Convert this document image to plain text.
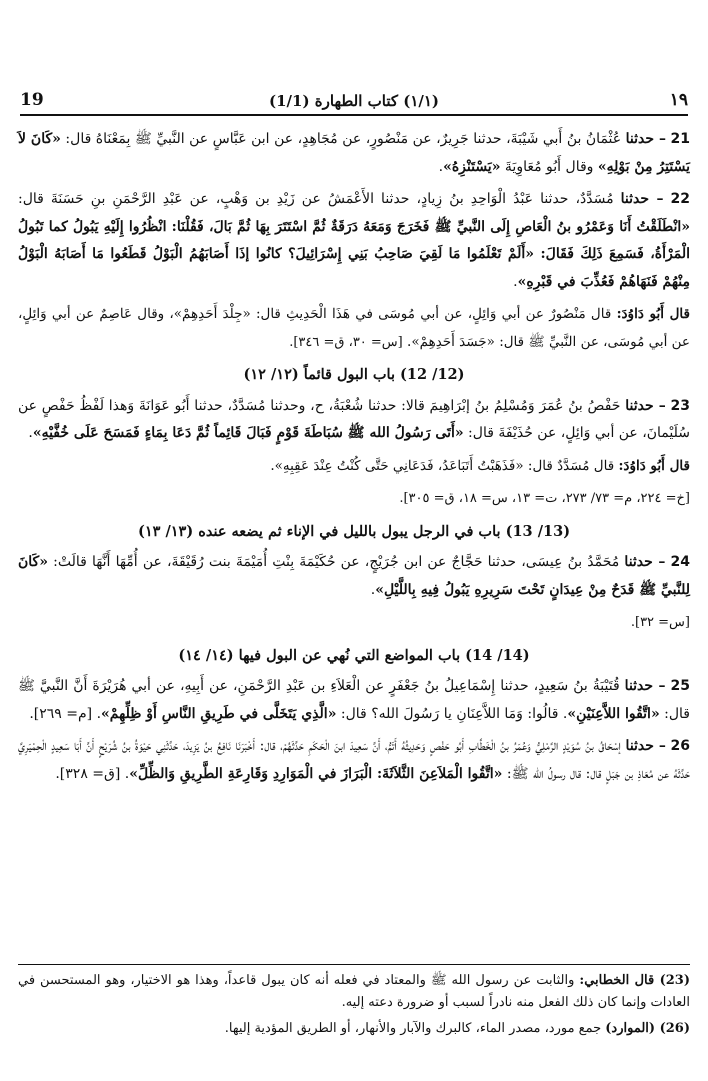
19	(١/١) كتاب الطهارة (1/1)	١٩

21 – حدثنا عُثْمَانُ بنُ أَبي شَيْبَةَ، حدثنا جَرِيرٌ، عن مَنْصُورٍ، عن مُجَاهِدٍ، عن ابن عَبَّاسٍ عن النَّبيِّ ﷺ بِمَعْنَاهُ قال: «كَانَ لاَ يَسْتَتِرُ مِنْ بَوْلِهِ» وقال أَبُو مُعَاوِيَةَ «يَسْتَنْزِهُ».

22 – حدثنا مُسَدَّدٌ، حدثنا عَبْدُ الْوَاحِدِ بنُ زِيادٍ، حدثنا الأَعْمَشُ عن زَيْدِ بن وَهْبٍ، عن عَبْدِ الرَّحْمَنِ بنِ حَسَنَةَ قال: «انْطَلَقْتُ أَنَا وَعَمْرُو بنُ الْعَاصِ إِلَى النَّبيِّ ﷺ فَخَرَجَ وَمَعَهُ دَرَقَةٌ ثُمَّ اسْتَتَرَ بِهَا ثُمَّ بَالَ، فَقُلْنَا: انْظُرُوا إِلَيْهِ يَبُولُ كما تَبُولُ الْمَرْأَةُ، فَسَمِعَ ذَلِكَ فَقَالَ: «أَلَمْ تَعْلَمُوا مَا لَقِيَ صَاحِبُ بَنِي إِسْرَائِيلَ؟ كانُوا إذَا أَصَابَهُمُ الْبَوْلُ قَطَعُوا مَا أَصَابَهُ الْبَوْلُ مِنْهُمْ فَنَهَاهُمْ فَعُذِّبَ في قَبْرِهِ».

قال أَبُو دَاوُدَ: قال مَنْصُورٌ عن أبي وَائِلٍ، عن أبي مُوسَى في هَذَا الْحَدِيثِ قال: «جِلْدَ أَحَدِهِمْ»، وقال عَاصِمٌ عن أبي وَائِلٍ، عن أبي مُوسَى، عن النَّبيِّ ﷺ قال: «جَسَدَ أَحَدِهِمْ». [س= ٣٠، ق= ٣٤٦].

(12/ 12) باب البول قائماً (١٢/ ١٢)

23 – حدثنا حَفْصُ بنُ عُمَرَ وَمُسْلِمُ بنُ إبْرَاهِيمَ قالا: حدثنا شُعْبَةُ، ح، وحدثنا مُسَدَّدٌ، حدثنا أَبُو عَوَانَةَ وَهذا لَفْظُ حَفْصٍ عن سُلَيْمانَ، عن أبي وَائِلٍ، عن حُذَيْفَةَ قال: «أَتَى رَسُولُ الله ﷺ سُبَاطَةَ قَوْمٍ فَبَالَ قَائِماً ثُمَّ دَعَا بِمَاءٍ فَمَسَحَ عَلَى خُفَّيْهِ».

قال أَبُو دَاوُدَ: قال مُسَدَّدٌ قال: «فَذَهَبْتُ أَتَبَاعَدُ، فَدَعَانِي حَتَّى كُنْتُ عِنْدَ عَقِبِهِ».

[خ= ٢٢٤، م= ٧٣/ ٢٧٣، ت= ١٣، س= ١٨، ق= ٣٠٥].

(13/ 13) باب في الرجل يبول بالليل في الإناء ثم يضعه عنده (١٣/ ١٣)

24 – حدثنا مُحَمَّدُ بنُ عِيسَى، حدثنا حَجَّاجٌ عن ابن جُرَيْجٍ، عن حُكَيْمَةَ بِنْتِ أُمَيْمَةَ بنت رُقَيْقَةَ، عن أُمِّهَا أَنَّهَا قالَتْ: «كَانَ لِلنَّبيِّ ﷺ قَدَحٌ مِنْ عِيدَانٍ تَحْتَ سَرِيرِهِ يَبُولُ فِيهِ بِاللَّيْلِ».

[س= ٣٢].

(14/ 14) باب المواضع التي نُهي عن البول فيها (١٤/ ١٤)

25 – حدثنا قُتَيْبَةُ بنُ سَعِيدٍ، حدثنا إِسْمَاعِيلُ بنُ جَعْفَرٍ عن الْعَلاَءِ بن عَبْدِ الرَّحْمَنِ، عن أَبِيهِ، عن أبي هُرَيْرَةَ أَنَّ النَّبيَّ ﷺ قال: «اتَّقُوا اللاَّعِنَيْنِ». قالُوا: وَمَا اللاَّعِنَانِ يا رَسُولَ الله؟ قال: «الَّذِي يَتَخَلَّى في طَرِيقِ النَّاسِ أَوْ ظِلِّهِمْ». [م= ٢٦٩].

26 – حدثنا إسْحَاقُ بنُ سُوَيْدٍ الرَّمْلِيُّ وَعُمَرُ بنُ الْخَطَّابِ أَبُو حَفْصٍ وَحَدِيثُهُ أَتَمُّ، أَنَّ سَعِيدَ ابنَ الْحَكَمِ حَدَّثَهُمْ، قال: أَخْبَرَنَا نَافِعُ بنُ يَزِيدَ، حَدَّثَنِي حَيْوَةُ بنُ شُرَيْحٍ أَنَّ أَبَا سَعِيدٍ الْحِمْيَرِيَّ حَدَّثَهُ عن مُعَاذِ بن جَبَلٍ قال: قال رسولُ الله ﷺ: «اتَّقُوا الْمَلاَعِنَ الثَّلاَثَةَ: الْبَرَازَ في الْمَوَارِدِ وَقَارِعَةِ الطَّرِيقِ وَالظِّلِّ». [ق= ٣٢٨].

(23) قال الخطابي: والثابت عن رسول الله ﷺ والمعتاد في فعله أنه كان يبول قاعداً، وهذا هو الاختيار، وهو المستحسن في العادات وإنما كان ذلك الفعل منه نادراً لسبب أو ضرورة دعته إليه.

(26) (الموارد) جمع مورد، مصدر الماء، كالبرك والآبار والأنهار، أو الطريق المؤدية إليها.
